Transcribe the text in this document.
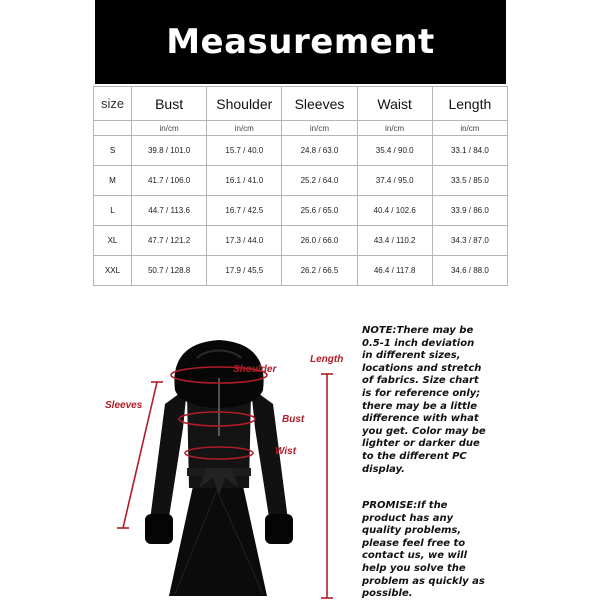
Measurement
size	Bust	Shoulder	Sleeves	Waist	Length
	in/cm	in/cm	in/cm	in/cm	in/cm
S	39.8 / 101.0	15.7 / 40.0	24.8 / 63.0	35.4 / 90.0	33.1 / 84.0
M	41.7 / 106.0	16.1 / 41.0	25.2 / 64.0	37.4 / 95.0	33.5 / 85.0
L	44.7 / 113.6	16.7 / 42.5	25.6 / 65.0	40.4 / 102.6	33.9 / 86.0
XL	47.7 / 121.2	17.3 / 44.0	26.0 / 66.0	43.4 / 110.2	34.3 / 87.0
XXL	50.7 / 128.8	17.9 / 45.5	26.2 / 66.5	46.4 / 117.8	34.6 / 88.0
Shoulder
Length
Sleeves
Bust
Wist

NOTE:There may be 0.5-1 inch deviation in different sizes, locations and stretch of fabrics. Size chart is for reference only; there may be a little difference with what you get. Color may be lighter or darker due to the different PC display.

PROMISE:If the product has any quality problems, please feel free to contact us, we will help you solve the problem as quickly as possible.
